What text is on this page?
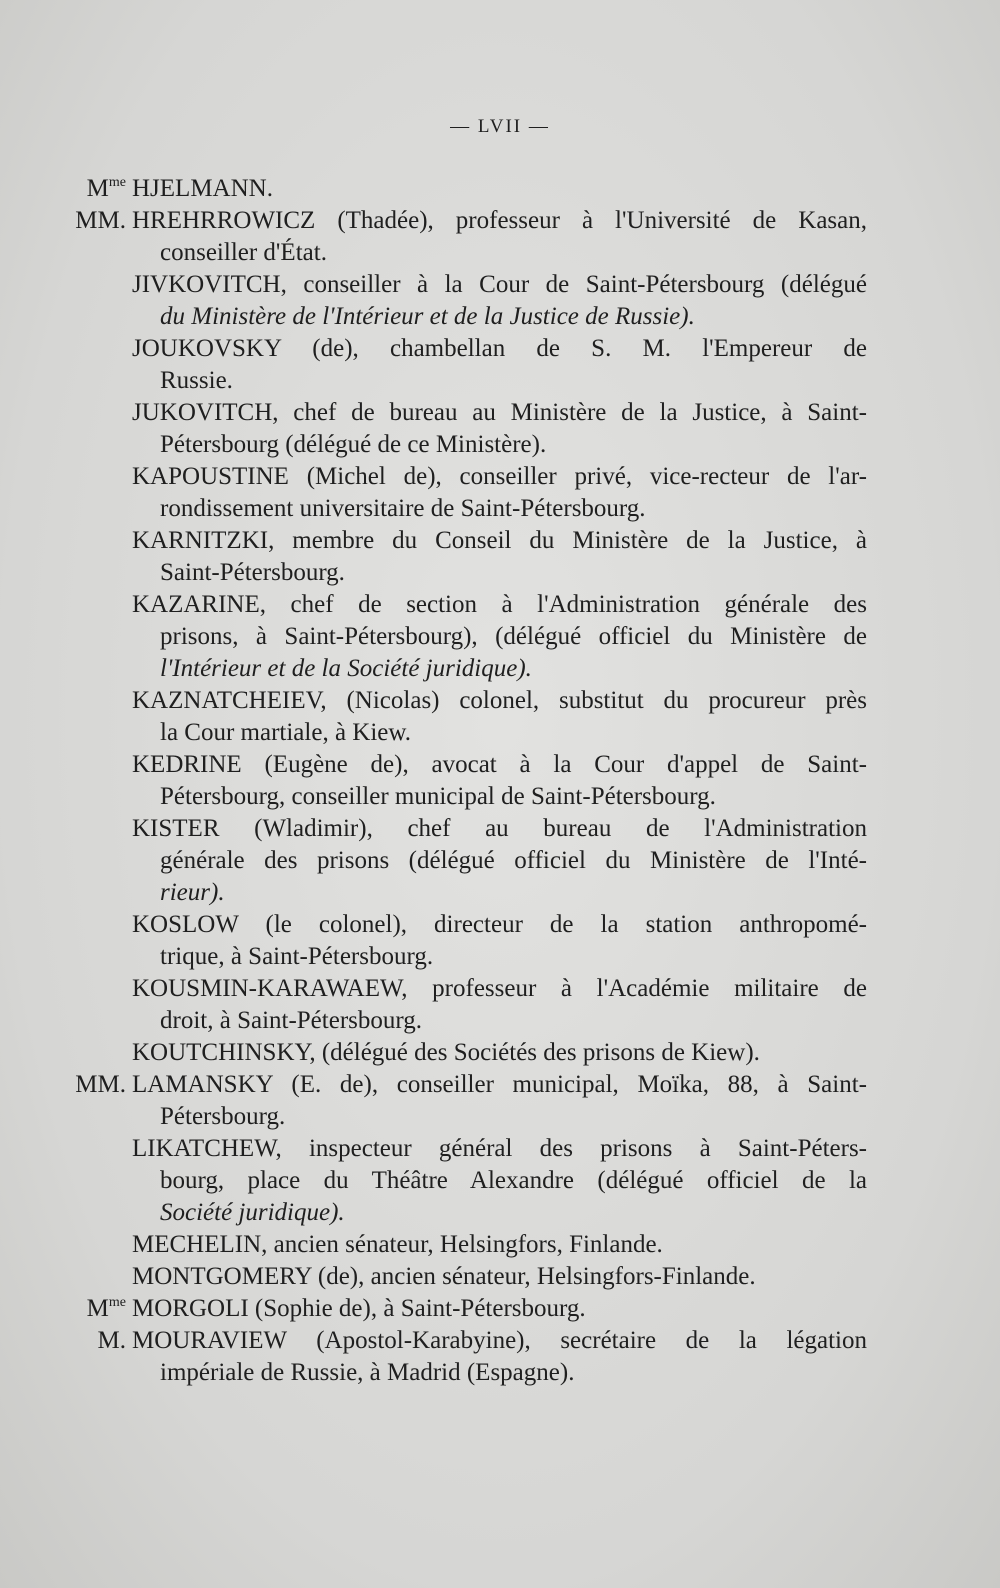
— LVII —
$M^{me}$ HJELMANN.
MM. HREHRROWICZ (Thadée), professeur à l'Université de Kasan,
conseiller d'État.
JIVKOVITCH, conseiller à la Cour de Saint-Pétersbourg (délégué
du Ministère de l'Intérieur et de la Justice de Russie).
JOUKOVSKY (de), chambellan de S. M. l'Empereur de
Russie.
JUKOVITCH, chef de bureau au Ministère de la Justice, à Saint-
Pétersbourg (délégué de ce Ministère).
KAPOUSTINE (Michel de), conseiller privé, vice-recteur de l'ar-
rondissement universitaire de Saint-Pétersbourg.
KARNITZKI, membre du Conseil du Ministère de la Justice, à
Saint-Pétersbourg.
KAZARINE, chef de section à l'Administration générale des
prisons, à Saint-Pétersbourg), (délégué officiel du Ministère de
l'Intérieur et de la Société juridique).
KAZNATCHEIEV, (Nicolas) colonel, substitut du procureur près
la Cour martiale, à Kiew.
KEDRINE (Eugène de), avocat à la Cour d'appel de Saint-
Pétersbourg, conseiller municipal de Saint-Pétersbourg.
KISTER (Wladimir), chef au bureau de l'Administration
générale des prisons (délégué officiel du Ministère de l'Inté-
rieur).
KOSLOW (le colonel), directeur de la station anthropomé-
trique, à Saint-Pétersbourg.
KOUSMIN-KARAWAEW, professeur à l'Académie militaire de
droit, à Saint-Pétersbourg.
KOUTCHINSKY, (délégué des Sociétés des prisons de Kiew).
MM. LAMANSKY (E. de), conseiller municipal, Moïka, 88, à Saint-
Pétersbourg.
LIKATCHEW, inspecteur général des prisons à Saint-Péters-
bourg, place du Théâtre Alexandre (délégué officiel de la
Société juridique).
MECHELIN, ancien sénateur, Helsingfors, Finlande.
MONTGOMERY (de), ancien sénateur, Helsingfors-Finlande.
$M^{me}$ MORGOLI (Sophie de), à Saint-Pétersbourg.
M. MOURAVIEW (Apostol-Karabyine), secrétaire de la légation
impériale de Russie, à Madrid (Espagne).
